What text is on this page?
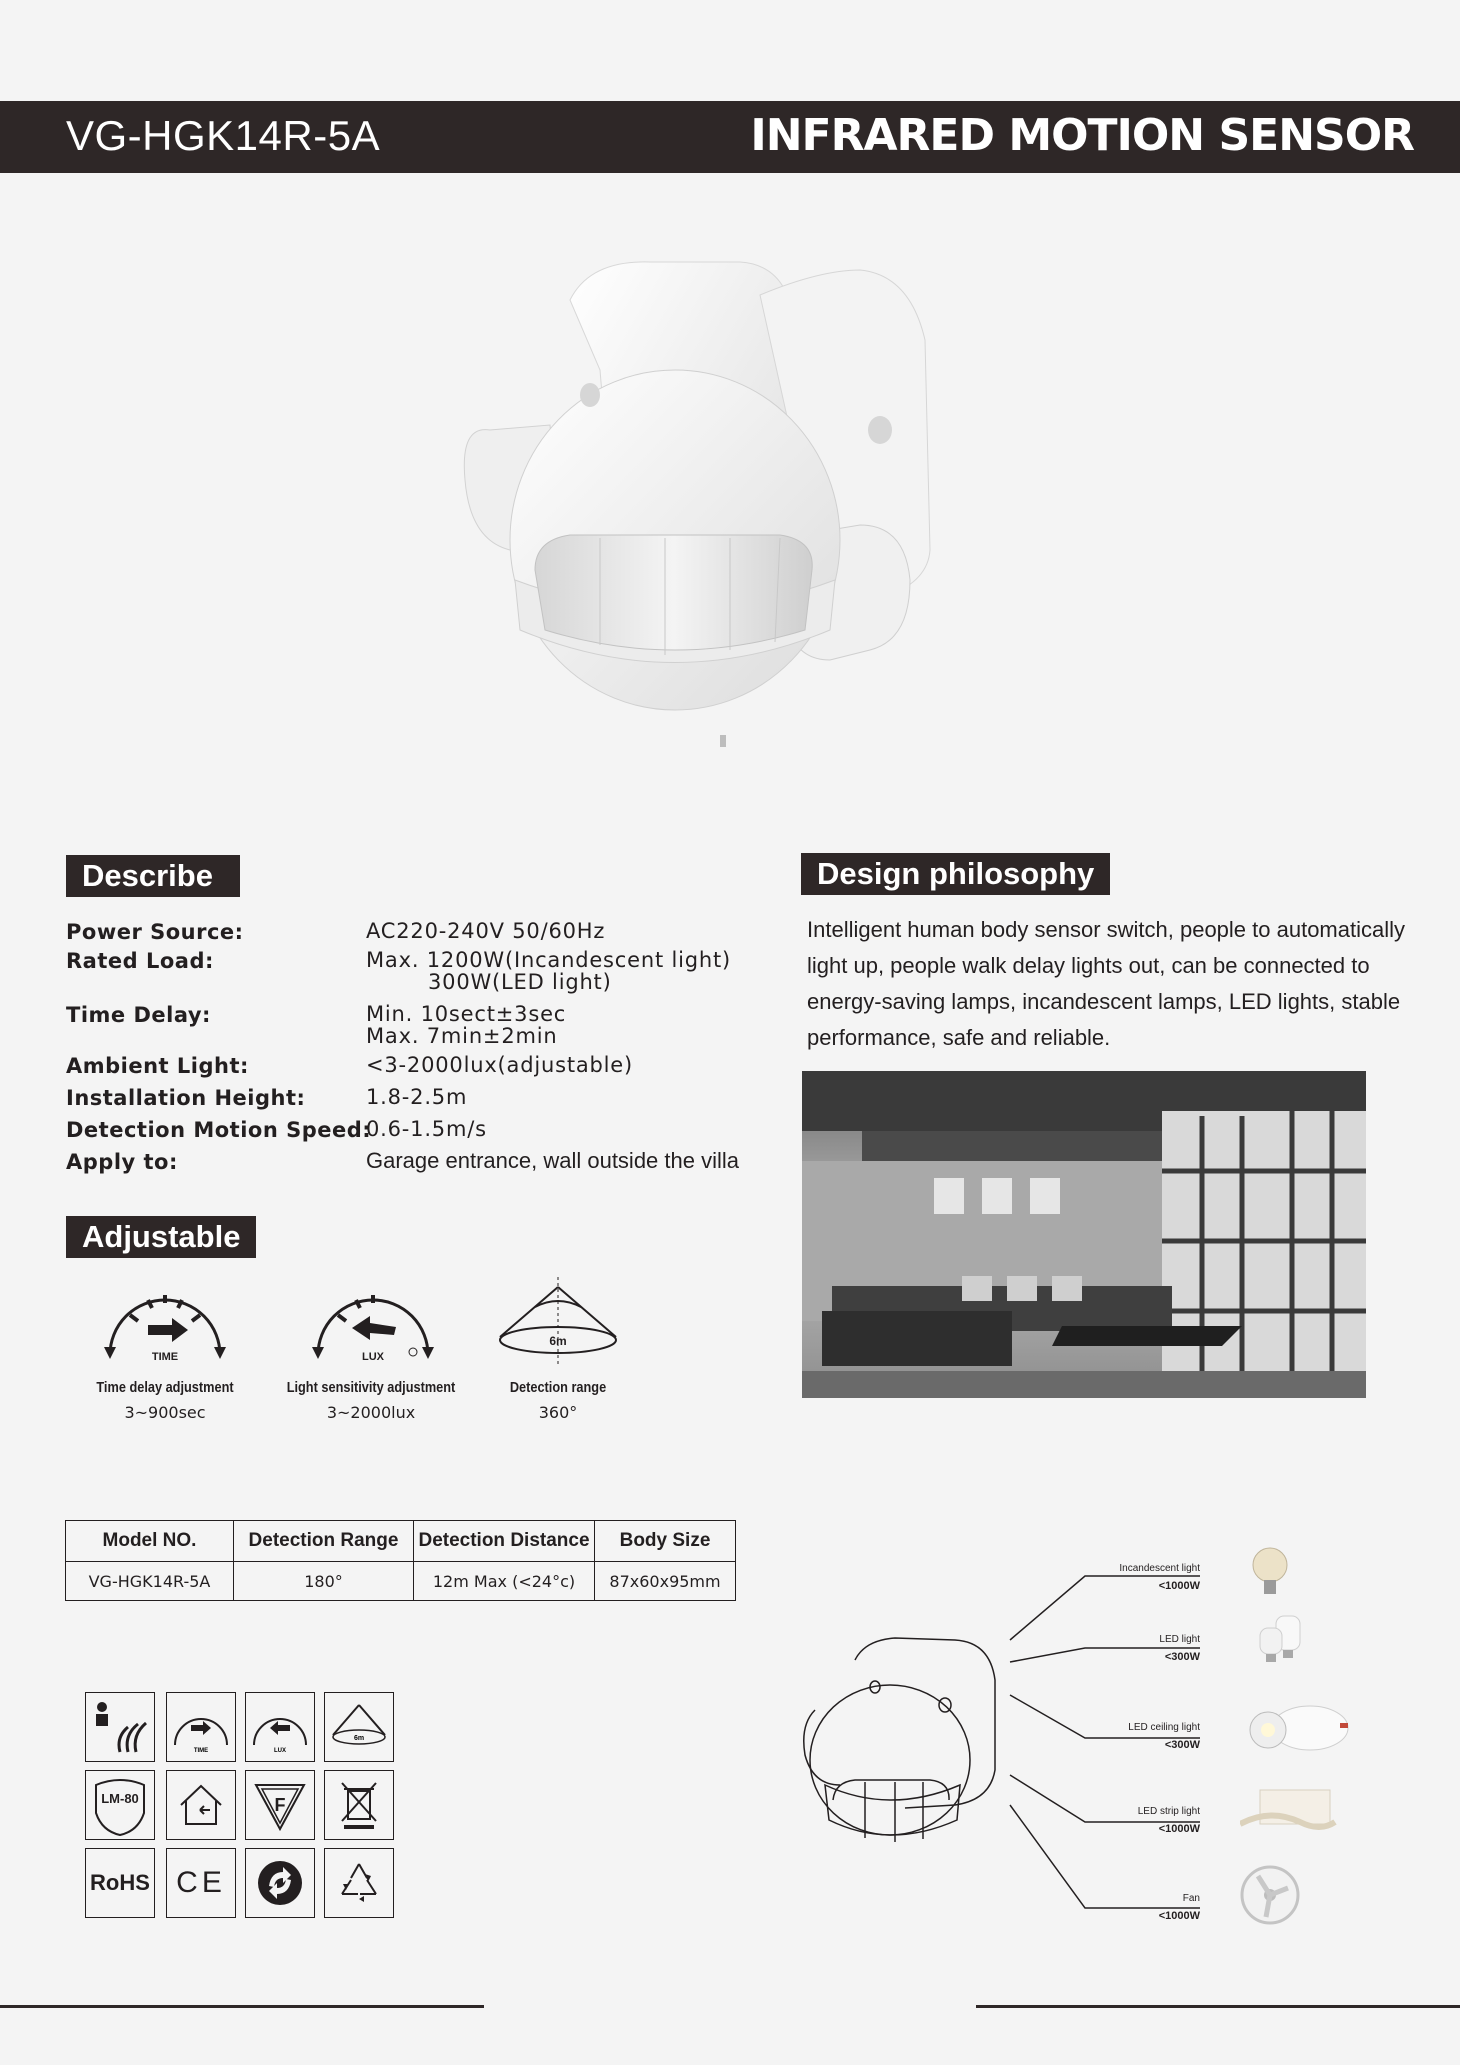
VG-HGK14R-5A	INFRARED MOTION SENSOR
Describe
Power Source:	AC220-240V 50/60Hz
Rated Load:	Max. 1200W(Incandescent light)
300W(LED light)
Time Delay:	Min. 10sect±3sec
Max. 7min±2min
Ambient Light:	<3-2000lux(adjustable)
Installation Height:	1.8-2.5m
Detection Motion Speed:
0.6-1.5m/s
Apply to:	Garage entrance, wall outside the villa
Design philosophy
Intelligent human body sensor switch, people to automatically light up, people walk delay lights out, can be connected to energy-saving lamps, incandescent lamps, LED lights, stable performance, safe and reliable.
Adjustable
TIME	LUX
6m
Time delay adjustment
3~900sec
Light sensitivity adjustment
3~2000lux
Detection range
360°
Model NO.	Detection Range	Detection Distance	Body Size
VG-HGK14R-5A	180°	12m Max (<24°c)	87x60x95mm
TIME	LUX
6m
LM-80	F
RoHS CE
Incandescent light
<1000W
LED light
<300W
LED ceiling light
<300W
LED strip light
<1000W
Fan
<1000W
